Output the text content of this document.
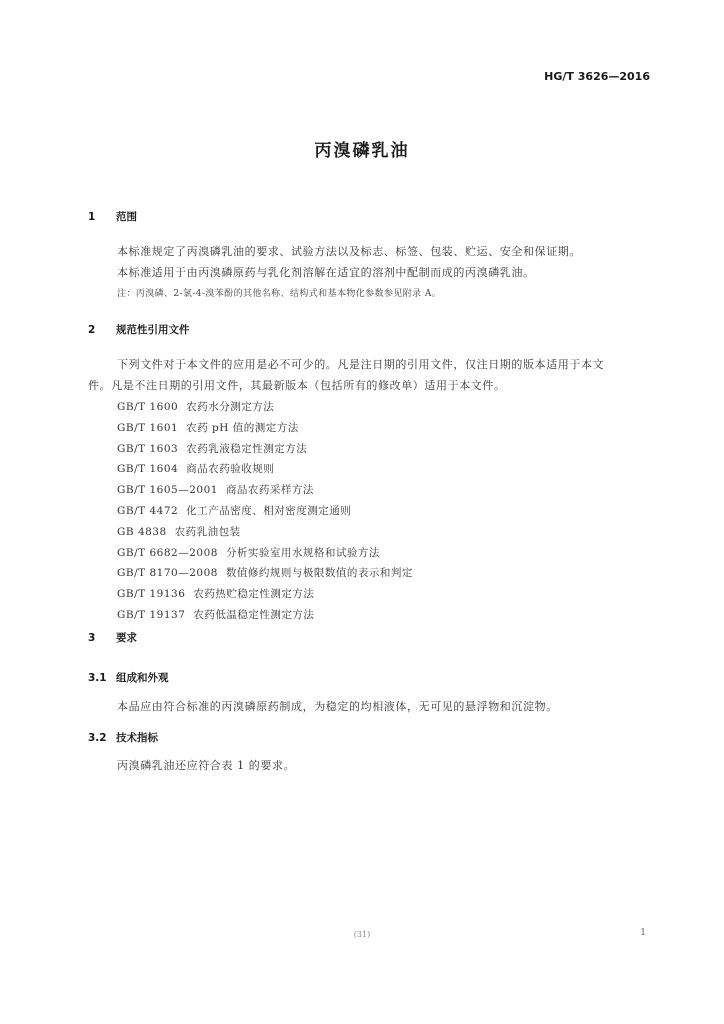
HG/T 3626—2016
丙溴磷乳油
1 范围
本标准规定了丙溴磷乳油的要求、试验方法以及标志、标签、包装、贮运、安全和保证期。
本标准适用于由丙溴磷原药与乳化剂溶解在适宜的溶剂中配制而成的丙溴磷乳油。
注：丙溴磷、2-氯-4-溴苯酚的其他名称、结构式和基本物化参数参见附录 A。
2 规范性引用文件
下列文件对于本文件的应用是必不可少的。凡是注日期的引用文件，仅注日期的版本适用于本文
件。凡是不注日期的引用文件，其最新版本（包括所有的修改单）适用于本文件。
GB/T 1600 农药水分测定方法
GB/T 1601 农药 pH 值的测定方法
GB/T 1603 农药乳液稳定性测定方法
GB/T 1604 商品农药验收规则
GB/T 1605—2001 商品农药采样方法
GB/T 4472 化工产品密度、相对密度测定通则
GB 4838 农药乳油包装
GB/T 6682—2008 分析实验室用水规格和试验方法
GB/T 8170—2008 数值修约规则与极限数值的表示和判定
GB/T 19136 农药热贮稳定性测定方法
GB/T 19137 农药低温稳定性测定方法
3 要求
3.1 组成和外观
本品应由符合标准的丙溴磷原药制成，为稳定的均相液体，无可见的悬浮物和沉淀物。
3.2 技术指标
丙溴磷乳油还应符合表 1 的要求。
(31)	1
